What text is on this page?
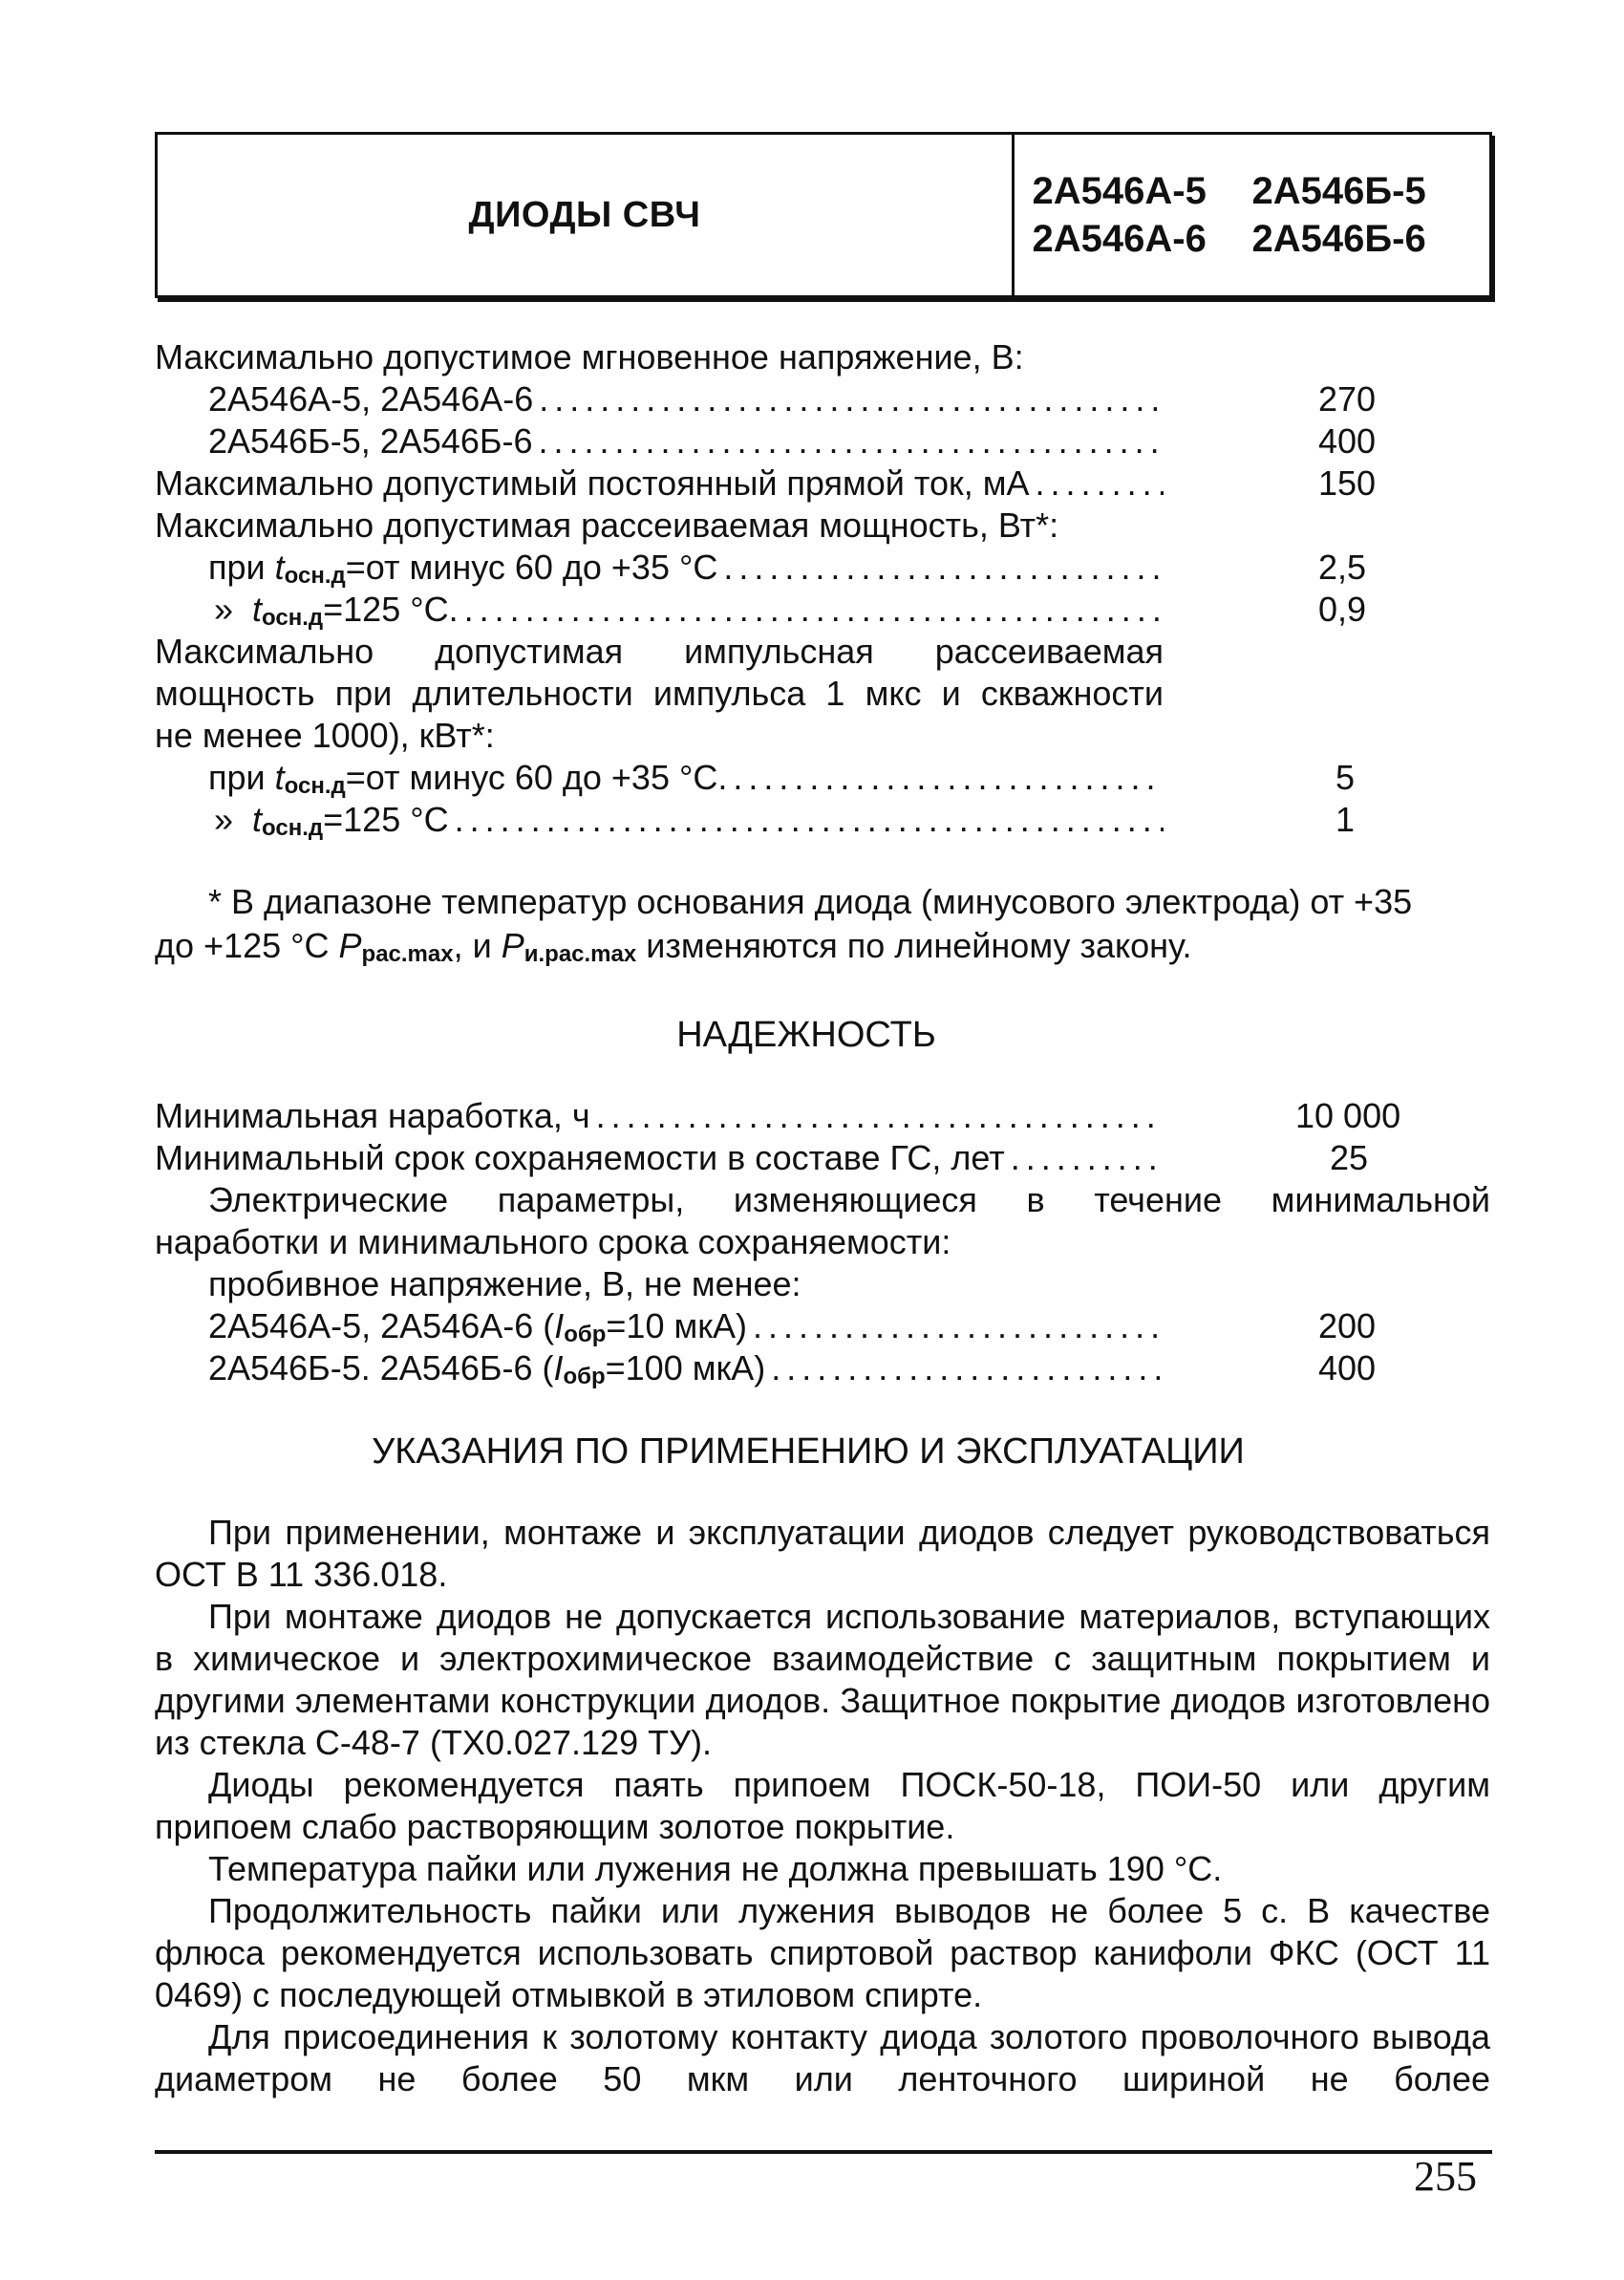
ДИОДЫ СВЧ
2А546А-5 2А546Б-5
2А546А-6 2А546Б-6
Максимально допустимое мгновенное напряжение, В:
2А546А-5, 2А546А-6 . . .	270
2А546Б-5, 2А546Б-6 . . .	400
Максимально допустимый постоянный прямой ток, мА . . .	150
Максимально допустимая рассеиваемая мощность, Вт*:
при $t_{осн.д}=от$ минус 60 до +35 °С . . .	2,5
»  $t_{осн.д}=125$ °С. . . .	0,9
Максимально допустимая импульсная рассеиваемая
мощность при длительности импульса 1 мкс и скважности
не менее 1000), кВт*:
при $t_{осн.д}=от$ минус 60 до +35 °С. . . .	5
»  $t_{осн.д}=125$ °С . . .	1
* В диапазоне температур основания диода (минусового электрода) от +35
до +125 °С $P_{рас.max}$, и $P_{и.рас.max}$ изменяются по линейному закону.
НАДЕЖНОСТЬ
Минимальная наработка, ч . . .	10 000
Минимальный срок сохраняемости в составе ГС, лет . . .	25
Электрические параметры, изменяющиеся в течение минимальной
наработки и минимального срока сохраняемости:
пробивное напряжение, В, не менее:
2А546А-5, 2А546А-6 ($I_{обр}=10$ мкА) . . .	200
2А546Б-5. 2А546Б-6 ($I_{обр}=100$ мкА) . . .	400
УКАЗАНИЯ ПО ПРИМЕНЕНИЮ И ЭКСПЛУАТАЦИИ
При применении, монтаже и эксплуатации диодов следует руководствоваться ОСТ В 11 336.018.
При монтаже диодов не допускается использование материалов, вступающих в химическое и электрохимическое взаимодействие с защитным покрытием и другими элементами конструкции диодов. Защитное покрытие диодов изготовлено из стекла С-48-7 (ТХ0.027.129 ТУ).
Диоды рекомендуется паять припоем ПОСК-50-18, ПОИ-50 или другим припоем слабо растворяющим золотое покрытие.
Температура пайки или лужения не должна превышать 190 °С.
Продолжительность пайки или лужения выводов не более 5 с. В качестве флюса рекомендуется использовать спиртовой раствор канифоли ФКС (ОСТ 11 0469) с последующей отмывкой в этиловом спирте.
Для присоединения к золотому контакту диода золотого проволочного вывода диаметром не более 50 мкм или ленточного шириной не более
255
